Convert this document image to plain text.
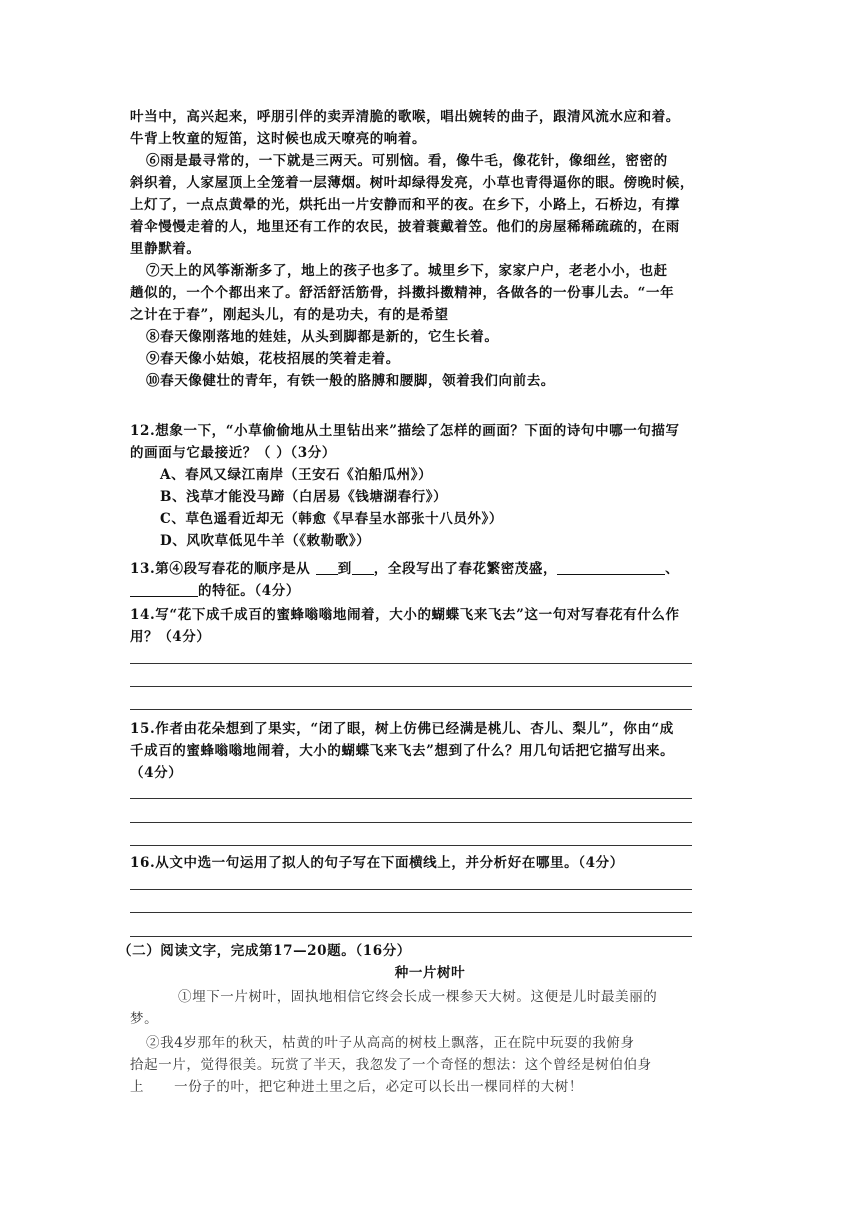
叶当中，高兴起来，呼朋引伴的卖弄清脆的歌喉，唱出婉转的曲子，跟清风流水应和着。
牛背上牧童的短笛，这时候也成天嘹亮的响着。
⑥雨是最寻常的，一下就是三两天。可别恼。看，像牛毛，像花针，像细丝，密密的
斜织着，人家屋顶上全笼着一层薄烟。树叶却绿得发亮，小草也青得逼你的眼。傍晚时候，
上灯了，一点点黄晕的光，烘托出一片安静而和平的夜。在乡下，小路上，石桥边，有撑
着伞慢慢走着的人，地里还有工作的农民，披着蓑戴着笠。他们的房屋稀稀疏疏的，在雨
里静默着。
⑦天上的风筝渐渐多了，地上的孩子也多了。城里乡下，家家户户，老老小小，也赶
趟似的，一个个都出来了。舒活舒活筋骨，抖擞抖擞精神，各做各的一份事儿去。“一年
之计在于春”，刚起头儿，有的是功夫，有的是希望
⑧春天像刚落地的娃娃，从头到脚都是新的，它生长着。
⑨春天像小姑娘，花枝招展的笑着走着。
⑩春天像健壮的青年，有铁一般的胳膊和腰脚，领着我们向前去。
12.想象一下，“小草偷偷地从土里钻出来”描绘了怎样的画面？下面的诗句中哪一句描写
的画面与它最接近？（ ）（3分）
A、春风又绿江南岸（王安石《泊船瓜州》）
B、浅草才能没马蹄（白居易《钱塘湖春行》）
C、草色遥看近却无（韩愈《早春呈水部张十八员外》）
D、风吹草低见牛羊（《敕勒歌》）
13.第④段写春花的顺序是从 到 ，全段写出了春花繁密茂盛，	、
的特征。（4分）
14.写“花下成千成百的蜜蜂嗡嗡地闹着，大小的蝴蝶飞来飞去”这一句对写春花有什么作
用？（4分）
15.作者由花朵想到了果实，“闭了眼，树上仿佛已经满是桃儿、杏儿、梨儿”，你由“成
千成百的蜜蜂嗡嗡地闹着，大小的蝴蝶飞来飞去”想到了什么？用几句话把它描写出来。
（4分）
16.从文中选一句运用了拟人的句子写在下面横线上，并分析好在哪里。（4分）
（二）阅读文字，完成第17—20题。（16分）
种一片树叶
①埋下一片树叶，固执地相信它终会长成一棵参天大树。这便是儿时最美丽的
梦。
②我4岁那年的秋天，枯黄的叶子从高高的树枝上飘落，正在院中玩耍的我俯身
拾起一片，觉得很美。玩赏了半天，我忽发了一个奇怪的想法：这个曾经是树伯伯身
上 一份子的叶，把它种进土里之后，必定可以长出一棵同样的大树！
